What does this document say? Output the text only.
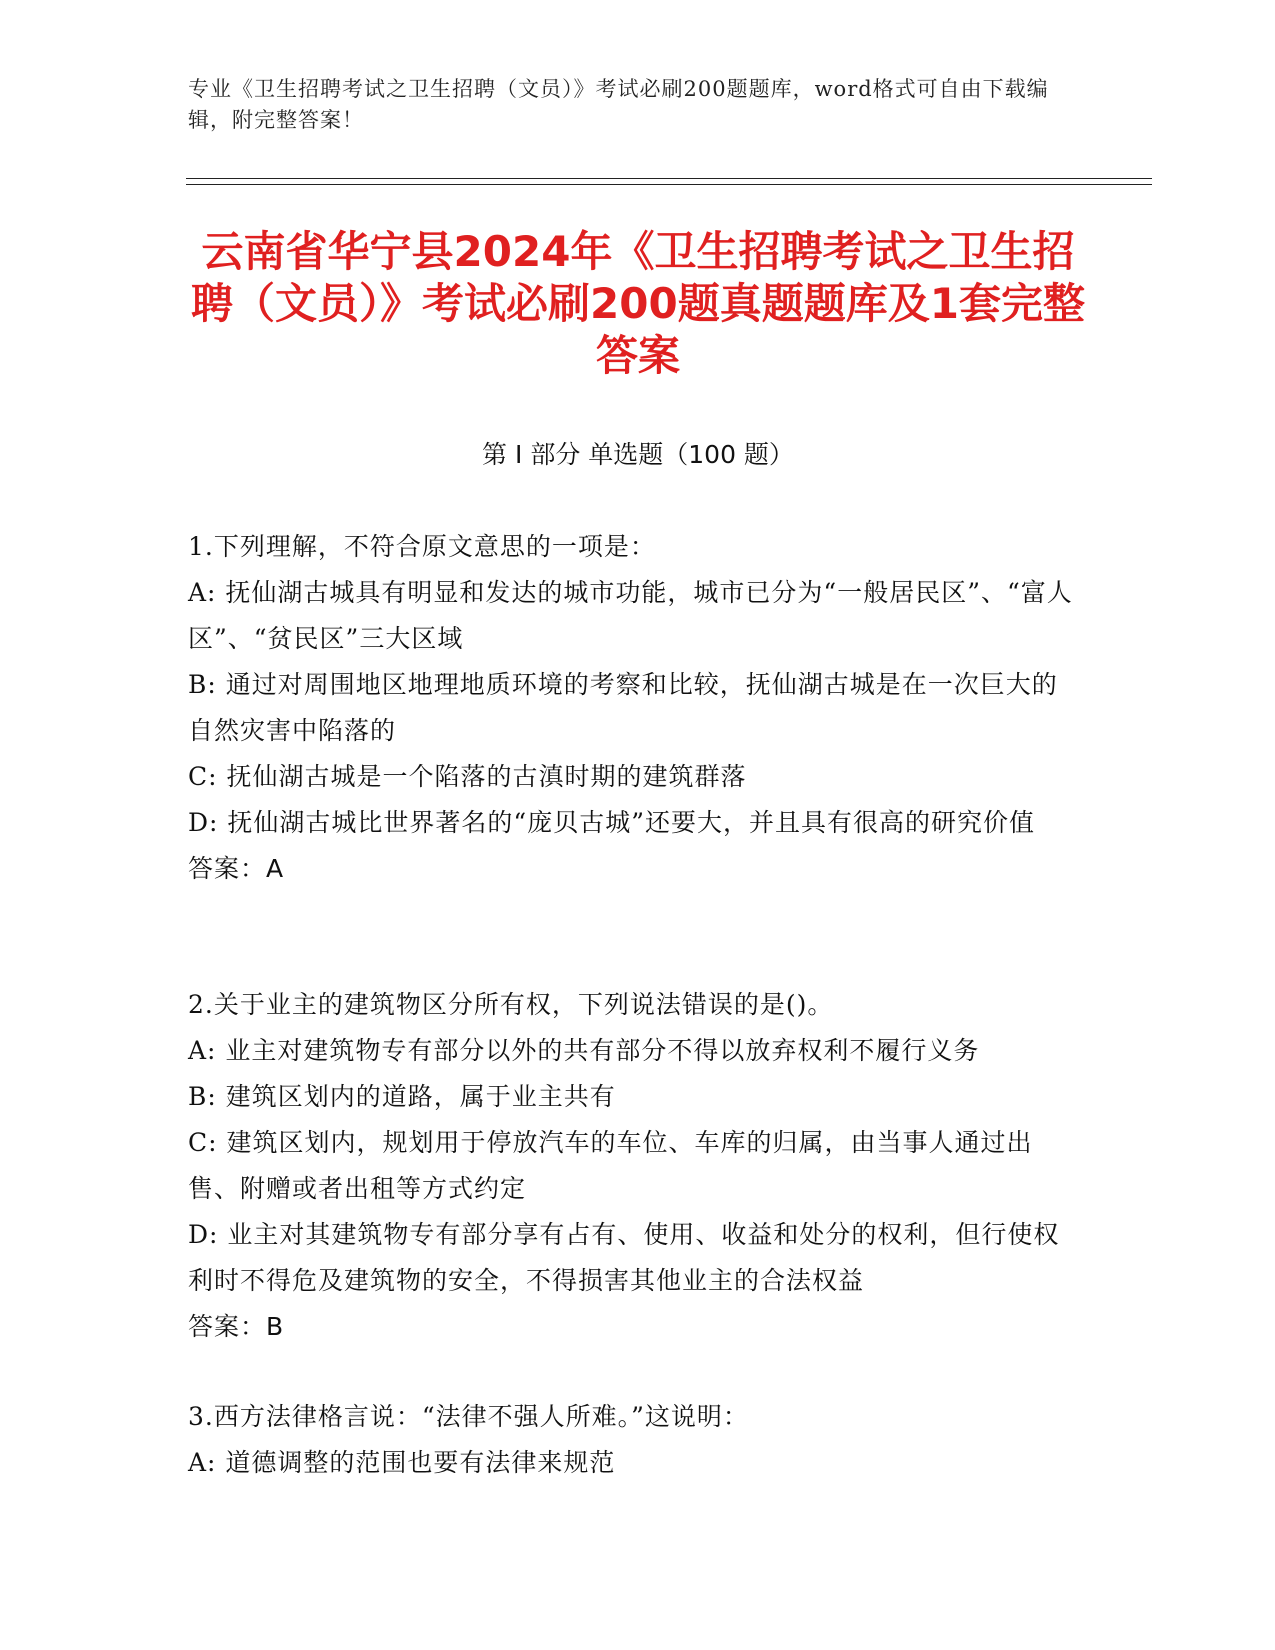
专业《卫生招聘考试之卫生招聘（文员）》考试必刷200题题库，word格式可自由下载编辑，附完整答案！
云南省华宁县2024年《卫生招聘考试之卫生招聘（文员）》考试必刷200题真题题库及1套完整答案
第 I 部分 单选题（100 题）

1.下列理解，不符合原文意思的一项是：

A: 抚仙湖古城具有明显和发达的城市功能，城市已分为“一般居民区”、“富人区”、“贫民区”三大区域

B: 通过对周围地区地理地质环境的考察和比较，抚仙湖古城是在一次巨大的自然灾害中陷落的

C: 抚仙湖古城是一个陷落的古滇时期的建筑群落

D: 抚仙湖古城比世界著名的“庞贝古城”还要大，并且具有很高的研究价值

答案：A

2.关于业主的建筑物区分所有权，下列说法错误的是()。

A: 业主对建筑物专有部分以外的共有部分不得以放弃权利不履行义务

B: 建筑区划内的道路，属于业主共有

C: 建筑区划内，规划用于停放汽车的车位、车库的归属，由当事人通过出售、附赠或者出租等方式约定

D: 业主对其建筑物专有部分享有占有、使用、收益和处分的权利，但行使权利时不得危及建筑物的安全，不得损害其他业主的合法权益

答案：B

3.西方法律格言说：“法律不强人所难。”这说明：

A: 道德调整的范围也要有法律来规范
